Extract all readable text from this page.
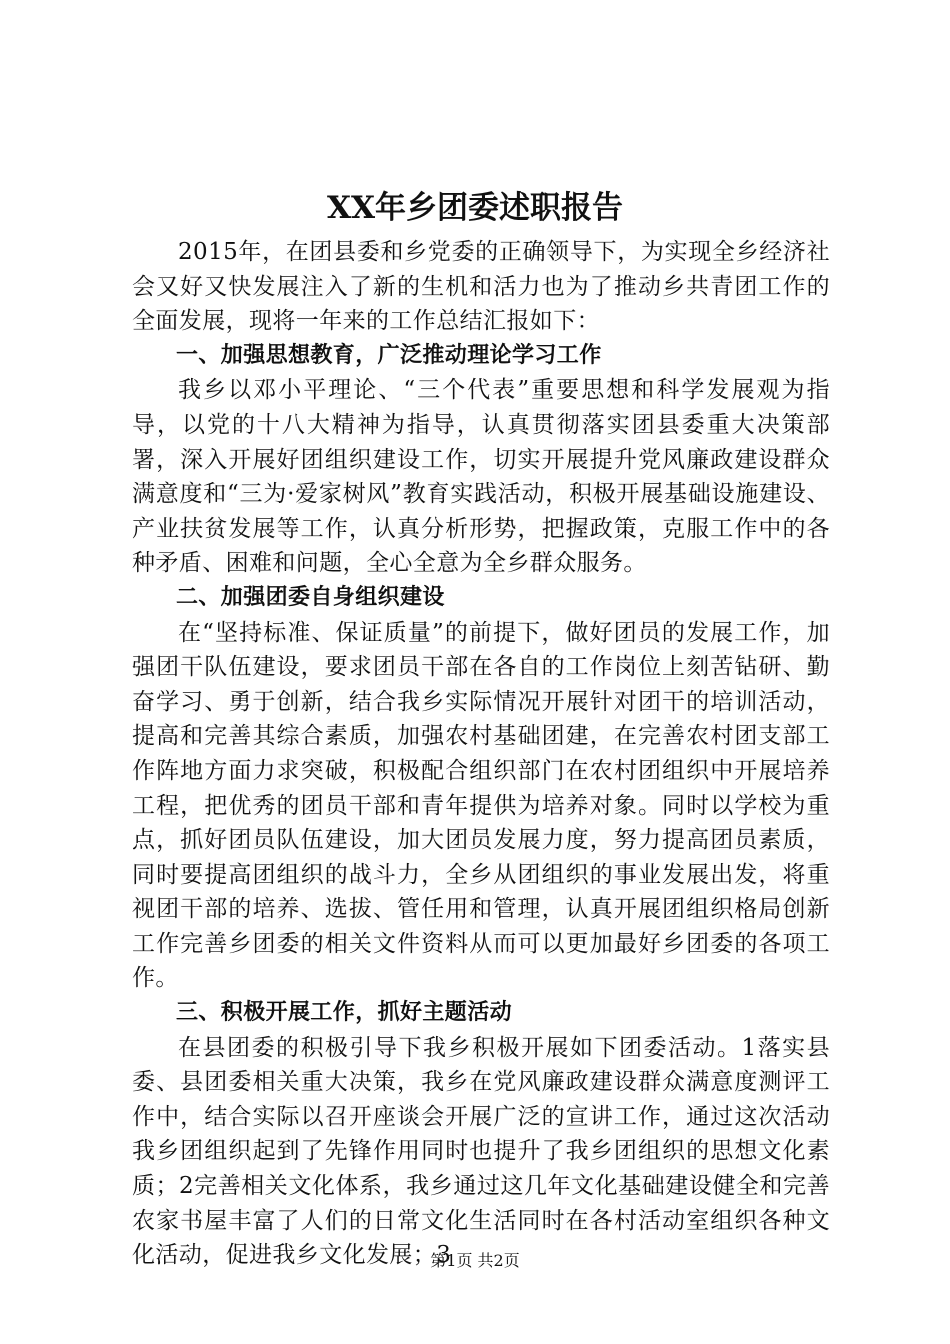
XX年乡团委述职报告

2015年，在团县委和乡党委的正确领导下，为实现全乡经济社会又好又快发展注入了新的生机和活力也为了推动乡共青团工作的全面发展，现将一年来的工作总结汇报如下：

一、加强思想教育，广泛推动理论学习工作

我乡以邓小平理论、“三个代表”重要思想和科学发展观为指导，以党的十八大精神为指导，认真贯彻落实团县委重大决策部署，深入开展好团组织建设工作，切实开展提升党风廉政建设群众满意度和“三为·爱家树风”教育实践活动，积极开展基础设施建设、产业扶贫发展等工作，认真分析形势，把握政策，克服工作中的各种矛盾、困难和问题，全心全意为全乡群众服务。

二、加强团委自身组织建设

在“坚持标准、保证质量”的前提下，做好团员的发展工作，加强团干队伍建设，要求团员干部在各自的工作岗位上刻苦钻研、勤奋学习、勇于创新，结合我乡实际情况开展针对团干的培训活动，提高和完善其综合素质，加强农村基础团建，在完善农村团支部工作阵地方面力求突破，积极配合组织部门在农村团组织中开展培养工程，把优秀的团员干部和青年提供为培养对象。同时以学校为重点，抓好团员队伍建设，加大团员发展力度，努力提高团员素质，同时要提高团组织的战斗力，全乡从团组织的事业发展出发，将重视团干部的培养、选拔、管任用和管理，认真开展团组织格局创新工作完善乡团委的相关文件资料从而可以更加最好乡团委的各项工作。

三、积极开展工作，抓好主题活动

在县团委的积极引导下我乡积极开展如下团委活动。1落实县委、县团委相关重大决策，我乡在党风廉政建设群众满意度测评工作中，结合实际以召开座谈会开展广泛的宣讲工作，通过这次活动我乡团组织起到了先锋作用同时也提升了我乡团组织的思想文化素质；2完善相关文化体系，我乡通过这几年文化基础建设健全和完善农家书屋丰富了人们的日常文化生活同时在各村活动室组织各种文化活动，促进我乡文化发展；3

第1页 共2页
